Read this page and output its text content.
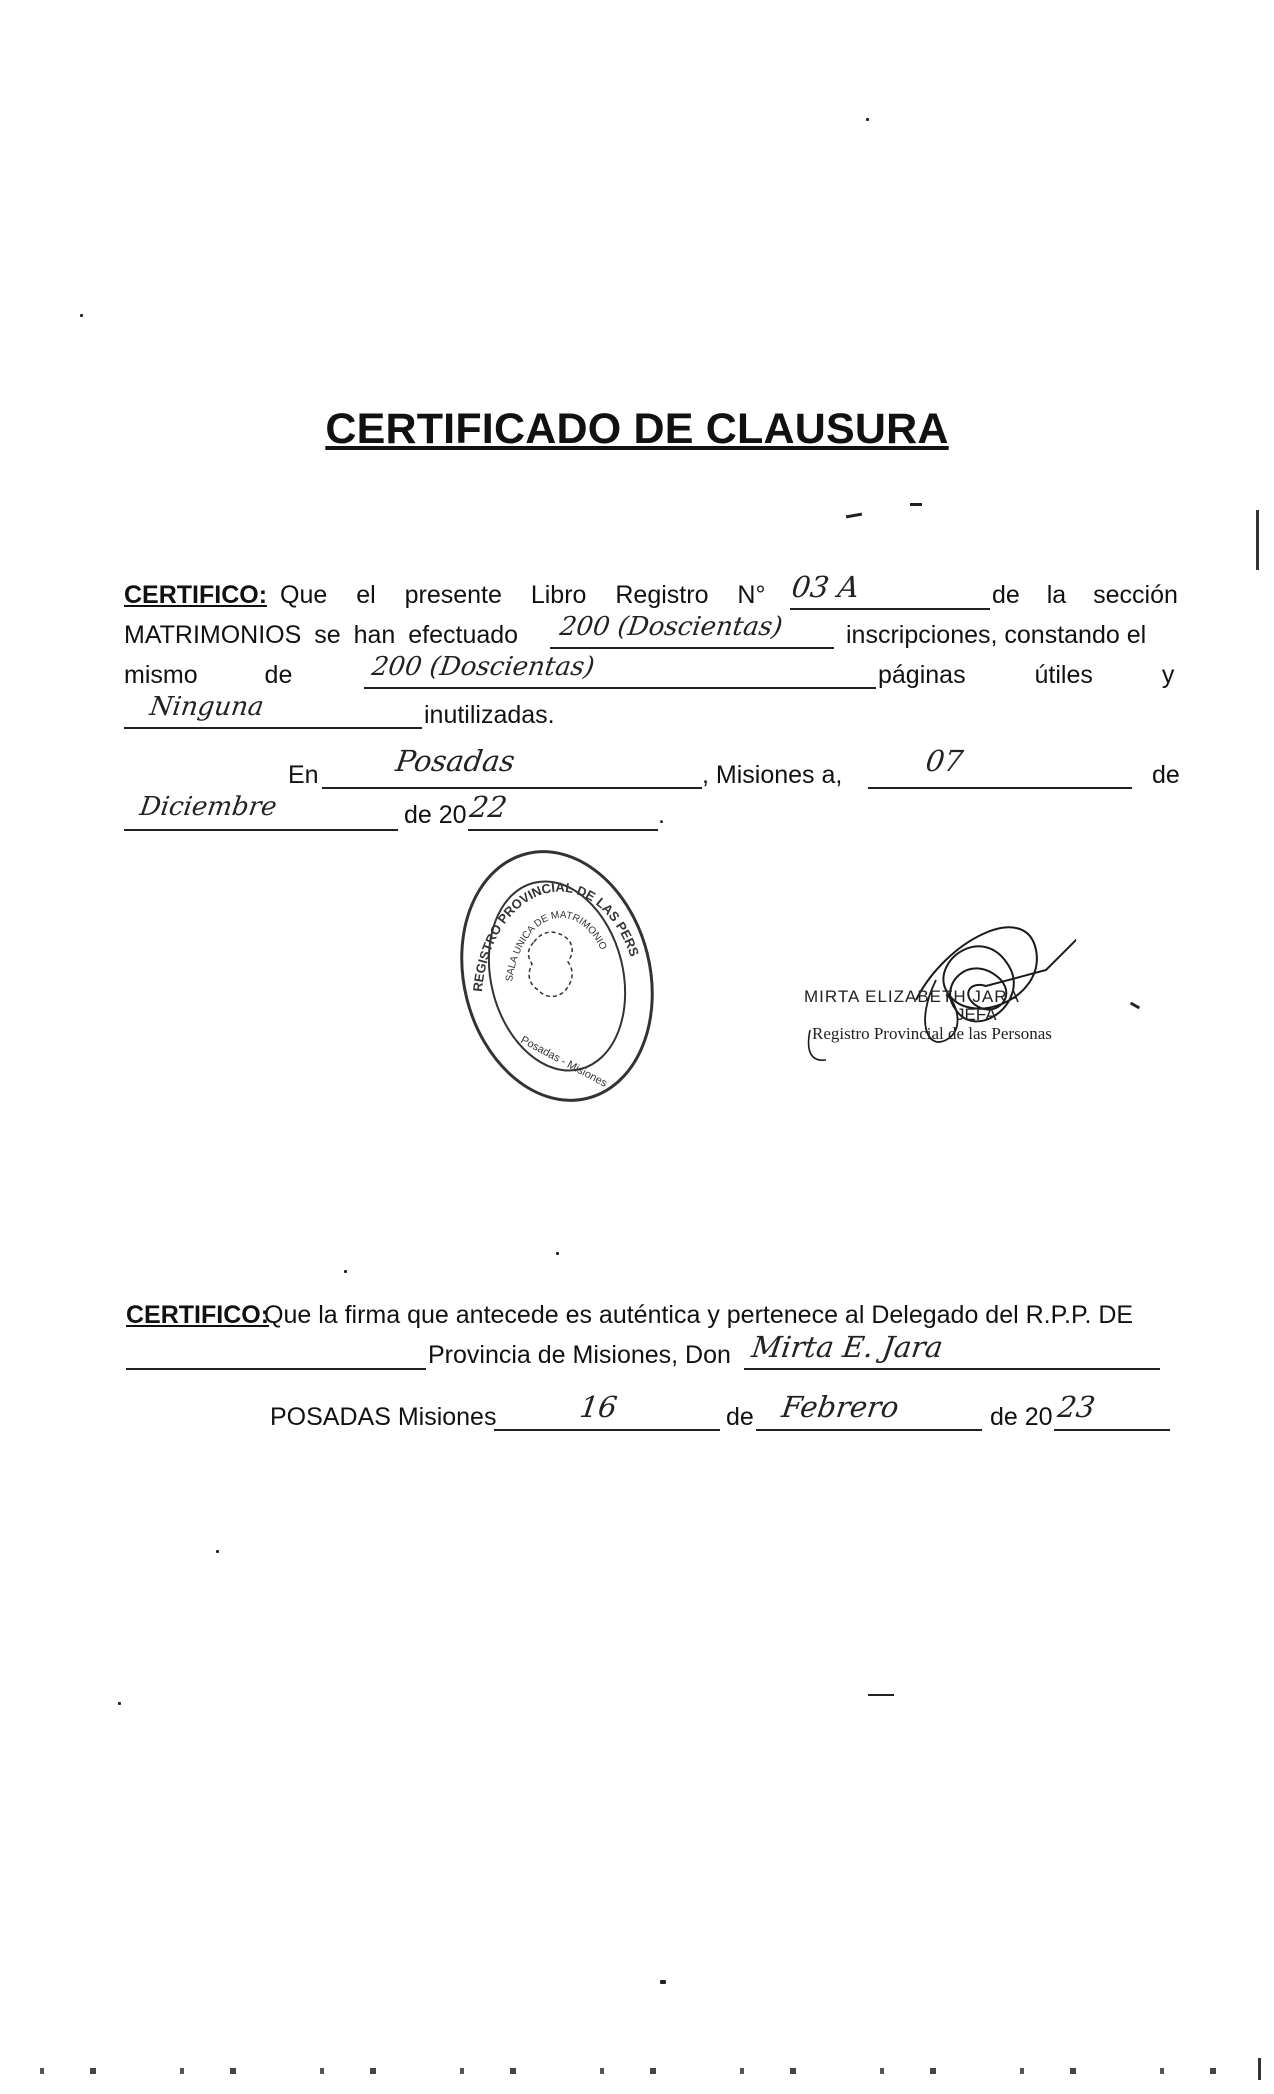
CERTIFICADO DE CLAUSURA
CERTIFICO: Que el presente Libro Registro N° 03 A	de la sección
MATRIMONIOS se han efectuado 200 (Doscientas) inscripciones, constando el
mismo de	200 (Doscientas)	páginas útiles y
Ninguna	inutilizadas.
En	Posadas	, Misiones a,	07	de
Diciembre	de 20 22	.
REGISTRO PROVINCIAL DE LAS PERS
SALA UNICA DE MATRIMONIO
Posadas - Misiones
MIRTA ELIZABETH JARA
JEFA
Registro Provincial de las Personas
CERTIFICO:
Que la firma que antecede es auténtica y pertenece al Delegado del R.P.P. DE
Provincia de Misiones, Don Mirta E. Jara
POSADAS Misiones	16	de Febrero	de 20 23
